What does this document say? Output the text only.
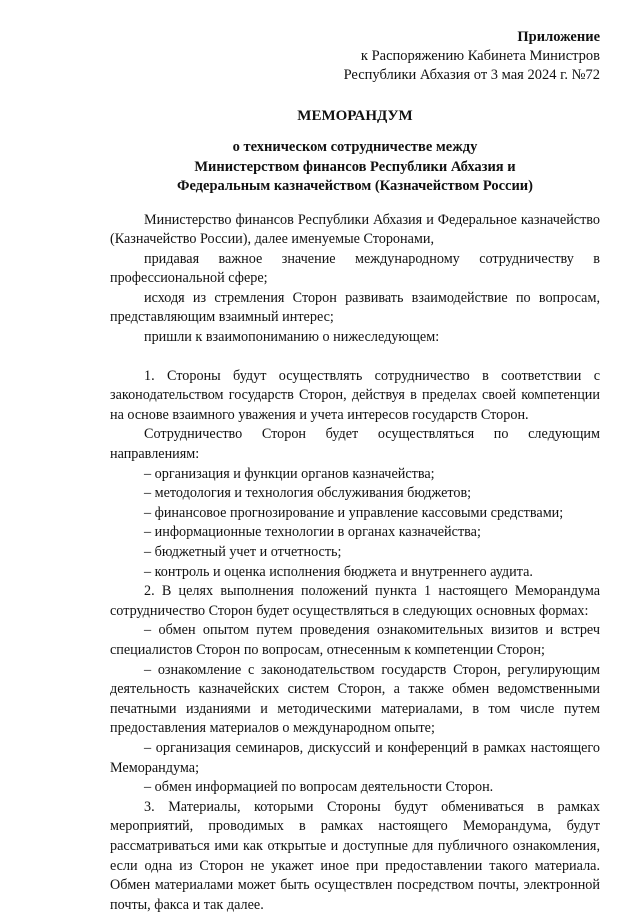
Приложение
к Распоряжению Кабинета Министров
Республики Абхазия от 3 мая 2024 г. №72
МЕМОРАНДУМ
о техническом сотрудничестве между
Министерством финансов Республики Абхазия и
Федеральным казначейством (Казначейством России)

Министерство финансов Республики Абхазия и Федеральное казначейство (Казначейство России), далее именуемые Сторонами,

придавая важное значение международному сотрудничеству в профессиональной сфере;

исходя из стремления Сторон развивать взаимодействие по вопросам, представляющим взаимный интерес;

пришли к взаимопониманию о нижеследующем:

1. Стороны будут осуществлять сотрудничество в соответствии с законодательством государств Сторон, действуя в пределах своей компетенции на основе взаимного уважения и учета интересов государств Сторон.

Сотрудничество Сторон будет осуществляться по следующим направлениям:

– организация и функции органов казначейства;

– методология и технология обслуживания бюджетов;

– финансовое прогнозирование и управление кассовыми средствами;

– информационные технологии в органах казначейства;

– бюджетный учет и отчетность;

– контроль и оценка исполнения бюджета и внутреннего аудита.

2. В целях выполнения положений пункта 1 настоящего Меморандума сотрудничество Сторон будет осуществляться в следующих основных формах:

– обмен опытом путем проведения ознакомительных визитов и встреч специалистов Сторон по вопросам, отнесенным к компетенции Сторон;

– ознакомление с законодательством государств Сторон, регулирующим деятельность казначейских систем Сторон, а также обмен ведомственными печатными изданиями и методическими материалами, в том числе путем предоставления материалов о международном опыте;

– организация семинаров, дискуссий и конференций в рамках настоящего Меморандума;

– обмен информацией по вопросам деятельности Сторон.

3. Материалы, которыми Стороны будут обмениваться в рамках мероприятий, проводимых в рамках настоящего Меморандума, будут рассматриваться ими как открытые и доступные для публичного ознакомления, если одна из Сторон не укажет иное при предоставлении такого материала. Обмен материалами может быть осуществлен посредством почты, электронной почты, факса и так далее.
